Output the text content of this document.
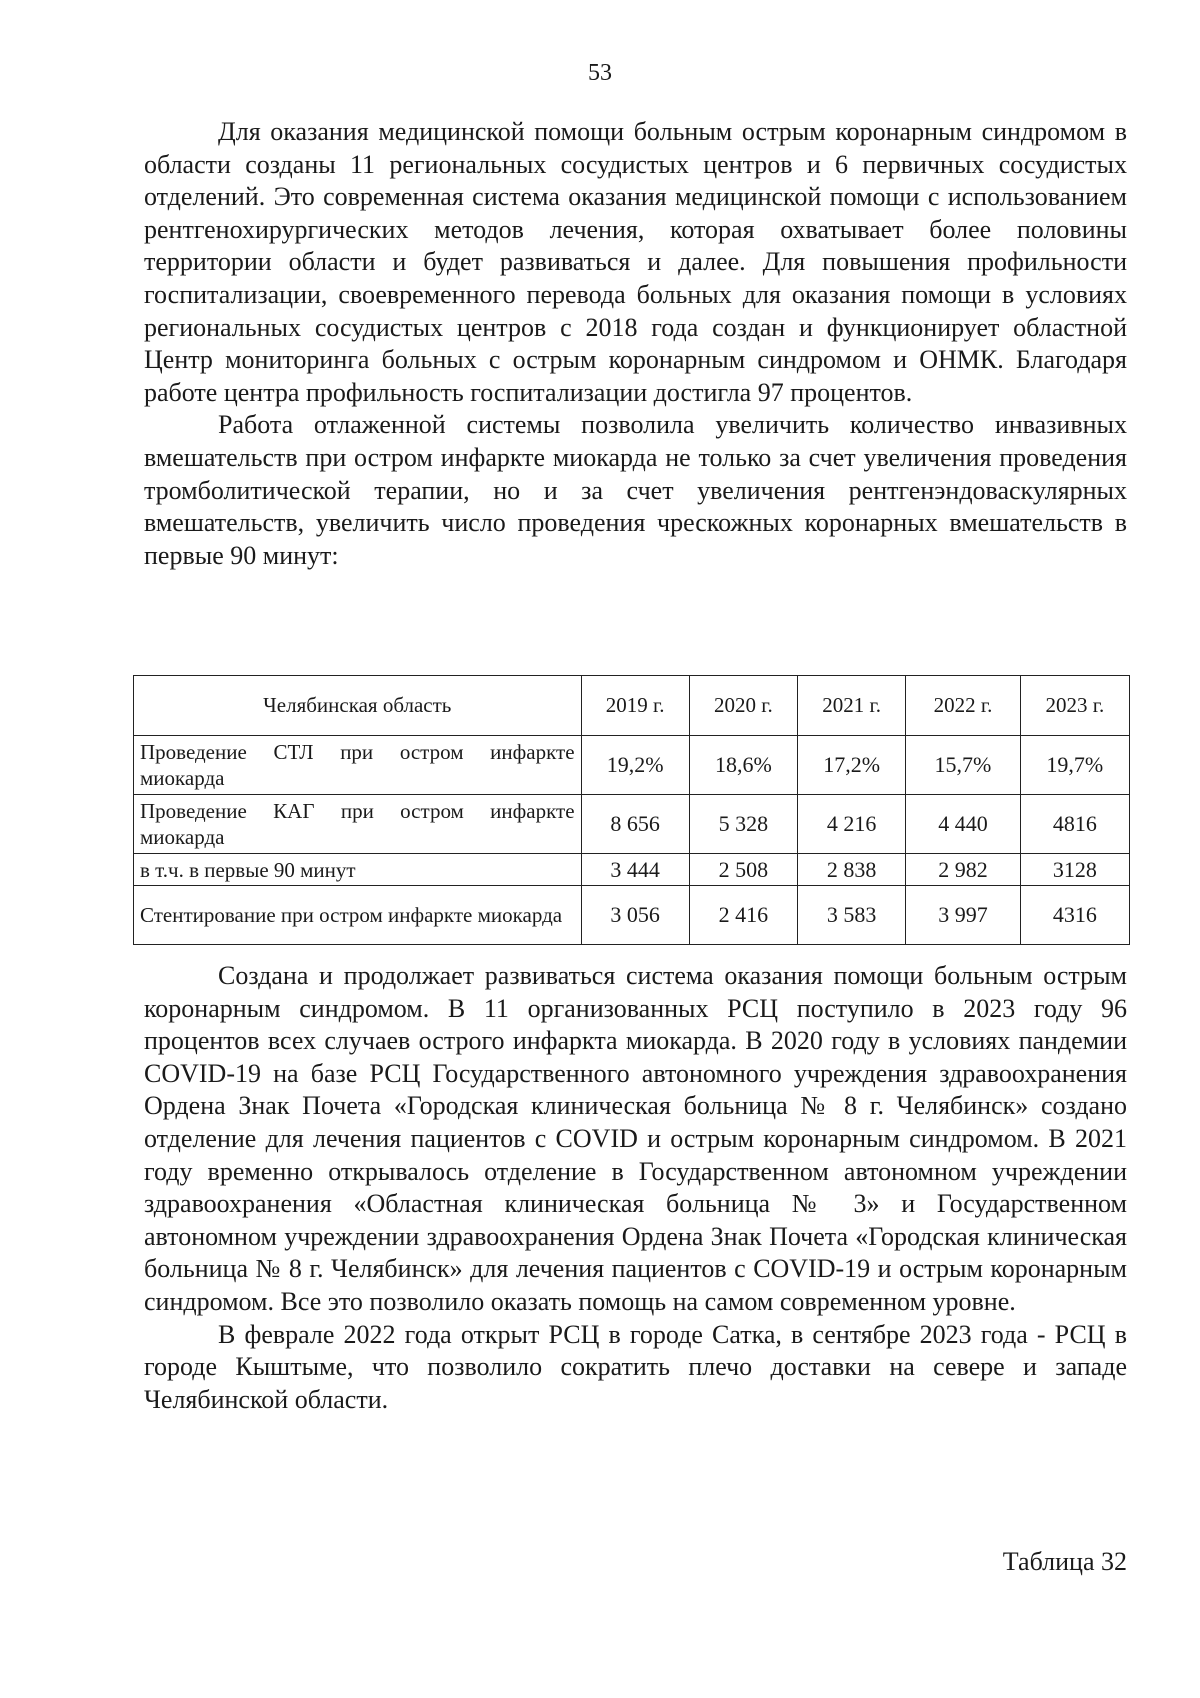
53

Для оказания медицинской помощи больным острым коронарным синдромом в области созданы 11 региональных сосудистых центров и 6 первичных сосудистых отделений. Это современная система оказания медицинской помощи с использованием рентгенохирургических методов лечения, которая охватывает более половины территории области и будет развиваться и далее. Для повышения профильности госпитализации, своевременного перевода больных для оказания помощи в условиях региональных сосудистых центров с 2018 года создан и функционирует областной Центр мониторинга больных с острым коронарным синдромом и ОНМК. Благодаря работе центра профильность госпитализации достигла 97 процентов.

Работа отлаженной системы позволила увеличить количество инвазивных вмешательств при остром инфаркте миокарда не только за счет увеличения проведения тромболитической терапии, но и за счет увеличения рентгенэндоваскулярных вмешательств, увеличить число проведения чрескожных коронарных вмешательств в первые 90 минут:

Челябинская область	2019 г.	2020 г.	2021 г.	2022 г.	2023 г.
Проведение СТЛ при остром инфаркте миокарда	19,2%	18,6%	17,2%	15,7%	19,7%
Проведение КАГ при остром инфаркте миокарда	8 656	5 328	4 216	4 440	4816
в т.ч. в первые 90 минут	3 444	2 508	2 838	2 982	3128
Стентирование при остром инфаркте миокарда	3 056	2 416	3 583	3 997	4316

Создана и продолжает развиваться система оказания помощи больным острым коронарным синдромом. В 11 организованных РСЦ поступило в 2023 году 96 процентов всех случаев острого инфаркта миокарда. В 2020 году в условиях пандемии COVID-19 на базе РСЦ Государственного автономного учреждения здравоохранения Ордена Знак Почета «Городская клиническая больница № 8 г. Челябинск» создано отделение для лечения пациентов с COVID и острым коронарным синдромом. В 2021 году временно открывалось отделение в Государственном автономном учреждении здравоохранения «Областная клиническая больница № 3» и Государственном автономном учреждении здравоохранения Ордена Знак Почета «Городская клиническая больница № 8 г. Челябинск» для лечения пациентов с COVID-19 и острым коронарным синдромом. Все это позволило оказать помощь на самом современном уровне.

В феврале 2022 года открыт РСЦ в городе Сатка, в сентябре 2023 года - РСЦ в городе Кыштыме, что позволило сократить плечо доставки на севере и западе Челябинской области.

Таблица 32
